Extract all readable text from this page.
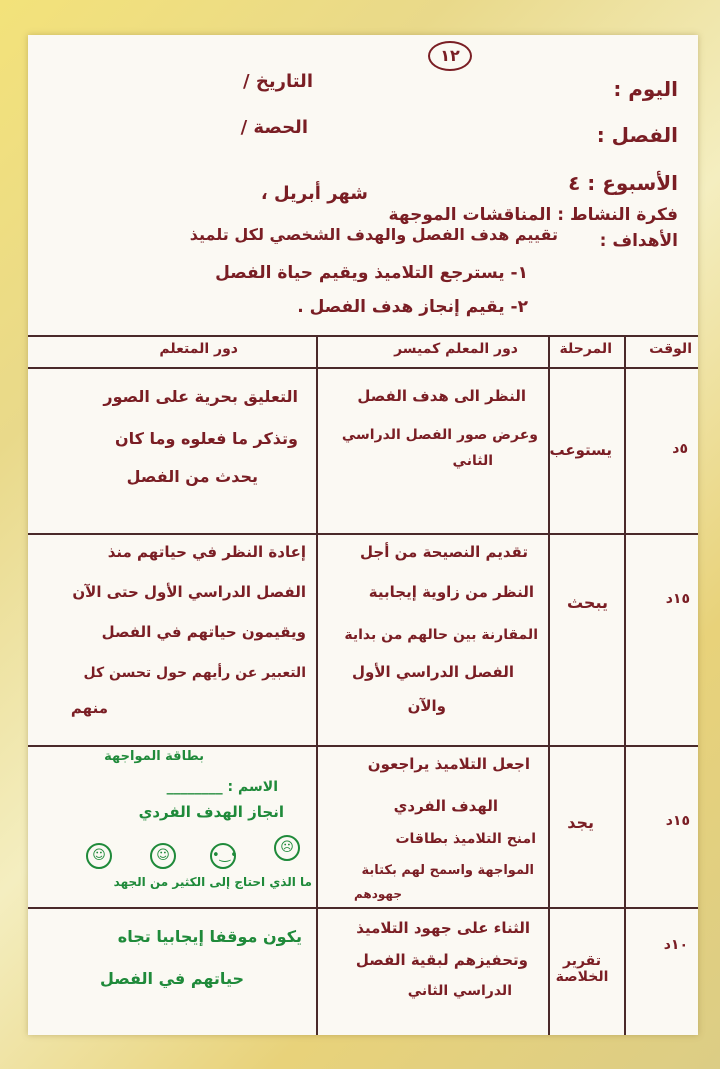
١٢
اليوم :
التاريخ /
الفصل :
الحصة /
الأسبوع : ٤
شهر أبريل ،
فكرة النشاط : المناقشات الموجهة
الأهداف :
تقييم هدف الفصل والهدف الشخصي لكل تلميذ
١- يسترجع التلاميذ ويقيم حياة الفصل
٢- يقيم إنجاز هدف الفصل .
الوقت
المرحلة
دور المعلم كميسر
دور المتعلم
٥د
يستوعب
النظر الى هدف الفصل
وعرض صور الفصل الدراسي
الثاني
التعليق بحرية على الصور
وتذكر ما فعلوه وما كان
يحدث من الفصل
١٥د
يبحث
تقديم النصيحة من أجل
النظر من زاوية إيجابية
المقارنة بين حالهم من بداية
الفصل الدراسي الأول
والآن
إعادة النظر في حياتهم منذ
الفصل الدراسي الأول حتى الآن
ويقيمون حياتهم في الفصل
التعبير عن رأيهم حول تحسن كل
منهم
١٥د
يجد
اجعل التلاميذ يراجعون
الهدف الفردي
امنح التلاميذ بطاقات
المواجهة واسمح لهم بكتابة
جهودهم
بطاقة المواجهة
الاسم : ________
انجاز الهدف الفردي
☺	☺	•‿•
☹
ما الذي احتاج إلى الكثير من الجهد
١٠د
تقرير الخلاصة
الثناء على جهود التلاميذ
وتحفيزهم لبقية الفصل
الدراسي الثاني
يكون موقفا إيجابيا تجاه
حياتهم في الفصل
